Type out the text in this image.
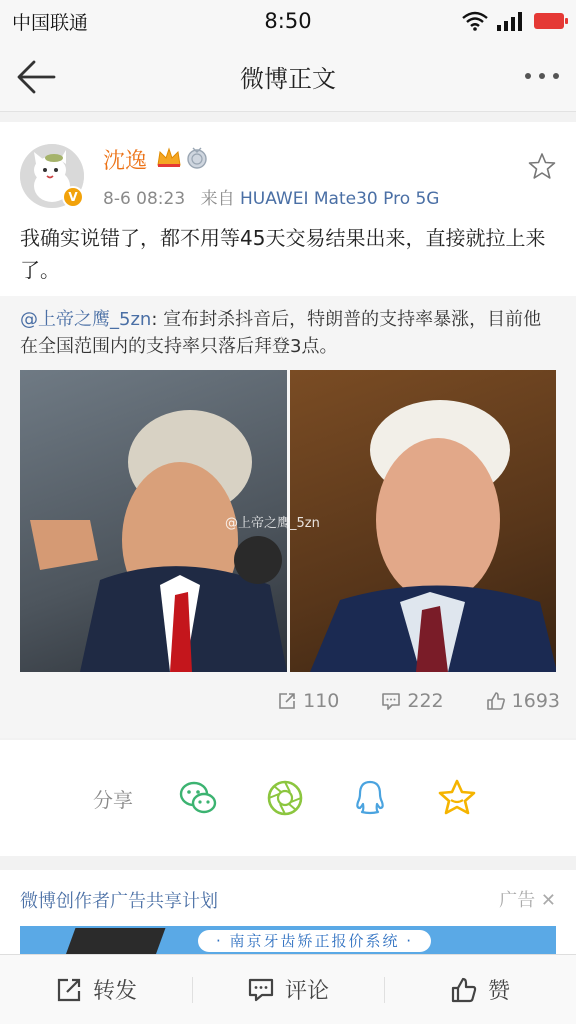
中国联通	8:50
微博正文
V
沈逸
8-6 08:23 来自 HUAWEI Mate30 Pro 5G
我确实说错了，都不用等45天交易结果出来，直接就拉上来了。
@上帝之鹰_5zn: 宣布封杀抖音后，特朗普的支持率暴涨，目前他在全国范围内的支持率只落后拜登3点。
@上帝之鹰_5zn
110	222	1693
分享
微博创作者广告共享计划	广告 ✕
· 南京牙齿矫正报价系统 ·
转发	评论	赞
